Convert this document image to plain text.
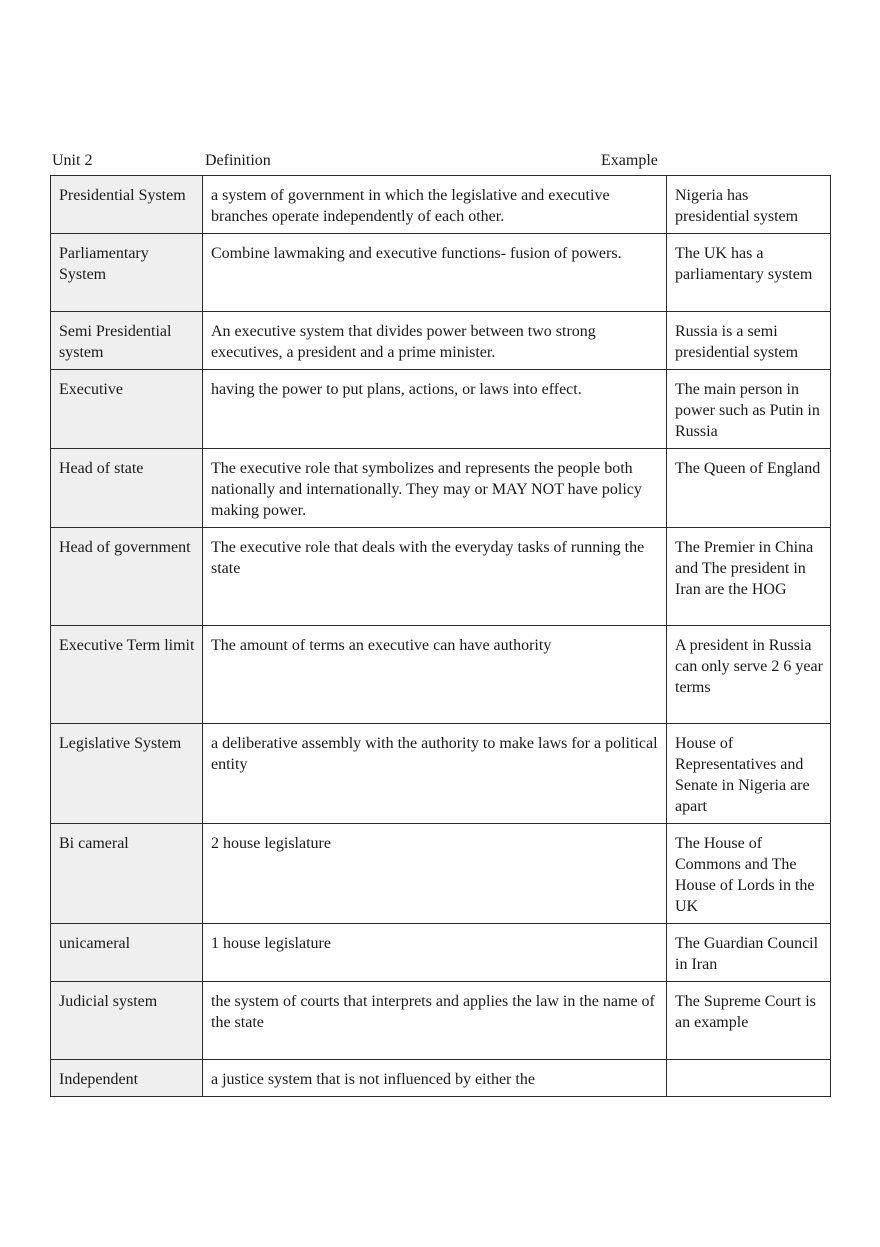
Unit 2	Definition	Example
Presidential System	a system of government in which the legislative and executive branches operate independently of each other.	Nigeria has presidential system
Parliamentary System	Combine lawmaking and executive functions- fusion of powers.	The UK has a parliamentary system
Semi Presidential system	An executive system that divides power between two strong executives, a president and a prime minister.	Russia is a semi presidential system
Executive	having the power to put plans, actions, or laws into effect.	The main person in power such as Putin in Russia
Head of state	The executive role that symbolizes and represents the people both nationally and internationally. They may or MAY NOT have policy making power.	The Queen of England
Head of government	The executive role that deals with the everyday tasks of running the state	The Premier in China and The president in Iran are the HOG
Executive Term limit	The amount of terms an executive can have authority	A president in Russia can only serve 2 6 year terms
Legislative System	a deliberative assembly with the authority to make laws for a political entity	House of Representatives and Senate in Nigeria are apart
Bi cameral	2 house legislature	The House of Commons and The House of Lords in the UK
unicameral	1 house legislature	The Guardian Council in Iran
Judicial system	the system of courts that interprets and applies the law in the name of the state	The Supreme Court is an example
Independent	a justice system that is not influenced by either the	
